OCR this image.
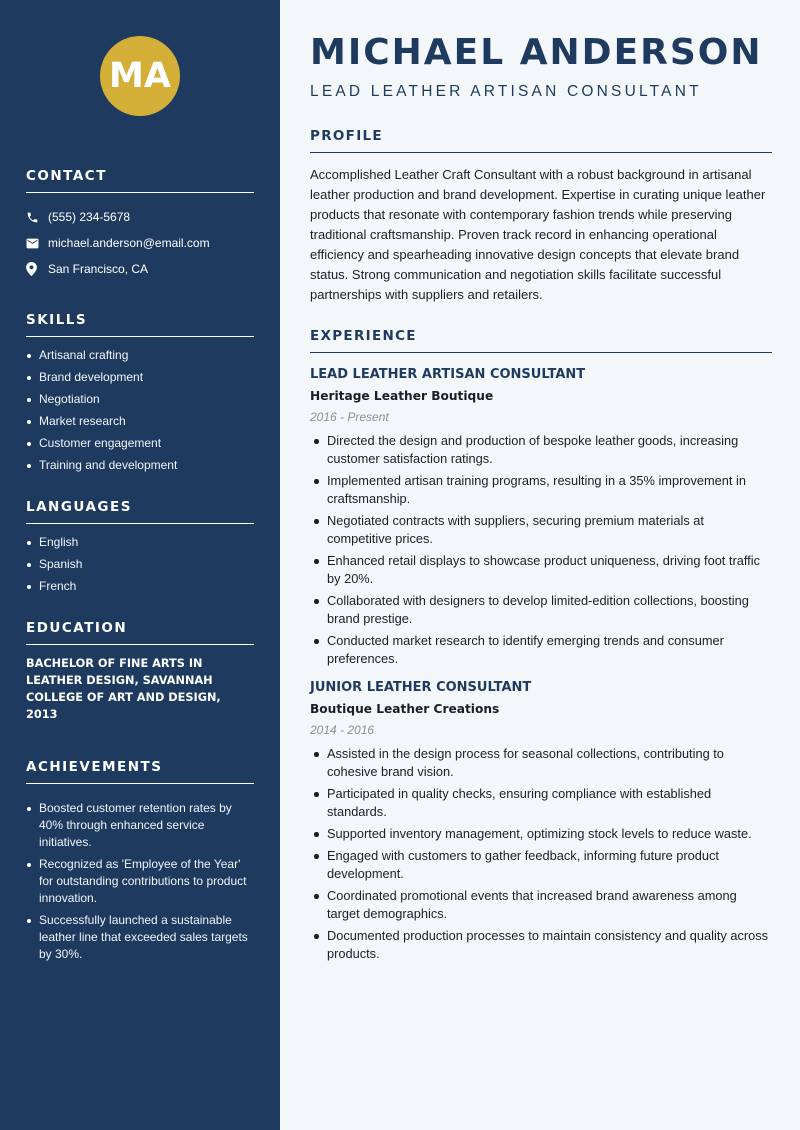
MA
CONTACT
(555) 234-5678
michael.anderson@email.com
San Francisco, CA
SKILLS
Artisanal crafting
Brand development
Negotiation
Market research
Customer engagement
Training and development
LANGUAGES
English
Spanish
French
EDUCATION

BACHELOR OF FINE ARTS IN LEATHER DESIGN, SAVANNAH COLLEGE OF ART AND DESIGN, 2013

ACHIEVEMENTS
Boosted customer retention rates by 40% through enhanced service initiatives.
Recognized as 'Employee of the Year' for outstanding contributions to product innovation.
Successfully launched a sustainable leather line that exceeded sales targets by 30%.
MICHAEL ANDERSON
LEAD LEATHER ARTISAN CONSULTANT
PROFILE

Accomplished Leather Craft Consultant with a robust background in artisanal leather production and brand development. Expertise in curating unique leather products that resonate with contemporary fashion trends while preserving traditional craftsmanship. Proven track record in enhancing operational efficiency and spearheading innovative design concepts that elevate brand status. Strong communication and negotiation skills facilitate successful partnerships with suppliers and retailers.

EXPERIENCE
LEAD LEATHER ARTISAN CONSULTANT
Heritage Leather Boutique
2016 - Present
Directed the design and production of bespoke leather goods, increasing customer satisfaction ratings.
Implemented artisan training programs, resulting in a 35% improvement in craftsmanship.
Negotiated contracts with suppliers, securing premium materials at competitive prices.
Enhanced retail displays to showcase product uniqueness, driving foot traffic by 20%.
Collaborated with designers to develop limited-edition collections, boosting brand prestige.
Conducted market research to identify emerging trends and consumer preferences.
JUNIOR LEATHER CONSULTANT
Boutique Leather Creations
2014 - 2016
Assisted in the design process for seasonal collections, contributing to cohesive brand vision.
Participated in quality checks, ensuring compliance with established standards.
Supported inventory management, optimizing stock levels to reduce waste.
Engaged with customers to gather feedback, informing future product development.
Coordinated promotional events that increased brand awareness among target demographics.
Documented production processes to maintain consistency and quality across products.
